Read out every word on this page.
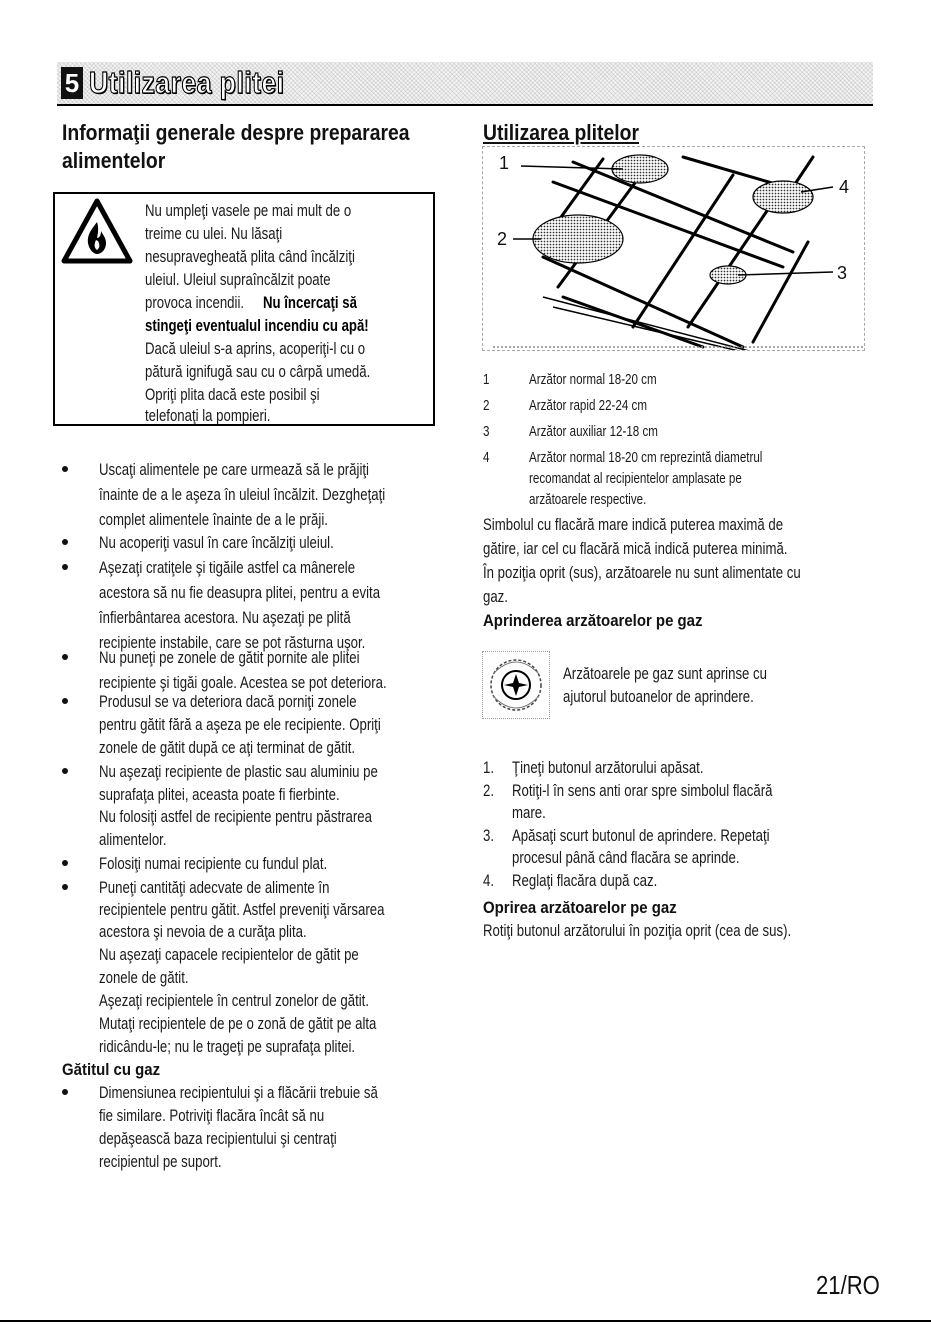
5 Utilizarea plitei
Informaţii generale despre prepararea
alimentelor
Nu umpleţi vasele pe mai mult de o
treime cu ulei. Nu lăsaţi
nesupravegheată plita când încălziţi
uleiul. Uleiul supraîncălzit poate
provoca incendii. Nu încercaţi să
stingeţi eventualul incendiu cu apă!
Dacă uleiul s-a aprins, acoperiţi-l cu o
pătură ignifugă sau cu o cârpă umedă.
Opriţi plita dacă este posibil şi
telefonaţi la pompieri.
Uscaţi alimentele pe care urmează să le prăjiţi
înainte de a le aşeza în uleiul încălzit. Dezgheţaţi
complet alimentele înainte de a le prăji.
Nu acoperiţi vasul în care încălziţi uleiul.
Aşezaţi cratiţele şi tigăile astfel ca mânerele
acestora să nu fie deasupra plitei, pentru a evita
înfierbântarea acestora. Nu aşezaţi pe plită
recipiente instabile, care se pot răsturna uşor.
Nu puneţi pe zonele de gătit pornite ale plitei
recipiente şi tigăi goale. Acestea se pot deteriora.
Produsul se va deteriora dacă porniţi zonele
pentru gătit fără a aşeza pe ele recipiente. Opriţi
zonele de gătit după ce aţi terminat de gătit.
Nu aşezaţi recipiente de plastic sau aluminiu pe
suprafaţa plitei, aceasta poate fi fierbinte.
Nu folosiţi astfel de recipiente pentru păstrarea
alimentelor.
Folosiţi numai recipiente cu fundul plat.
Puneţi cantităţi adecvate de alimente în
recipientele pentru gătit. Astfel preveniţi vărsarea
acestora şi nevoia de a curăţa plita.
Nu aşezaţi capacele recipientelor de gătit pe
zonele de gătit.
Aşezaţi recipientele în centrul zonelor de gătit.
Mutaţi recipientele de pe o zonă de gătit pe alta
ridicându-le; nu le trageţi pe suprafaţa plitei.
Gătitul cu gaz
Dimensiunea recipientului şi a flăcării trebuie să
fie similare. Potriviţi flacăra încât să nu
depăşească baza recipientului şi centraţi
recipientul pe suport.
Utilizarea plitelor
1
2
3
4
1	Arzător normal 18-20 cm
2	Arzător rapid 22-24 cm
3	Arzător auxiliar 12-18 cm
4	Arzător normal 18-20 cm reprezintă diametrul
recomandat al recipientelor amplasate pe
arzătoarele respective.
Simbolul cu flacără mare indică puterea maximă de
gătire, iar cel cu flacără mică indică puterea minimă.
În poziţia oprit (sus), arzătoarele nu sunt alimentate cu
gaz.
Aprinderea arzătoarelor pe gaz
Arzătoarele pe gaz sunt aprinse cu
ajutorul butoanelor de aprindere.
1. Ţineţi butonul arzătorului apăsat.
2. Rotiţi-l în sens anti orar spre simbolul flacără
mare.
3. Apăsaţi scurt butonul de aprindere. Repetaţi
procesul până când flacăra se aprinde.
4. Reglaţi flacăra după caz.
Oprirea arzătoarelor pe gaz
Rotiţi butonul arzătorului în poziţia oprit (cea de sus).
21/RO
